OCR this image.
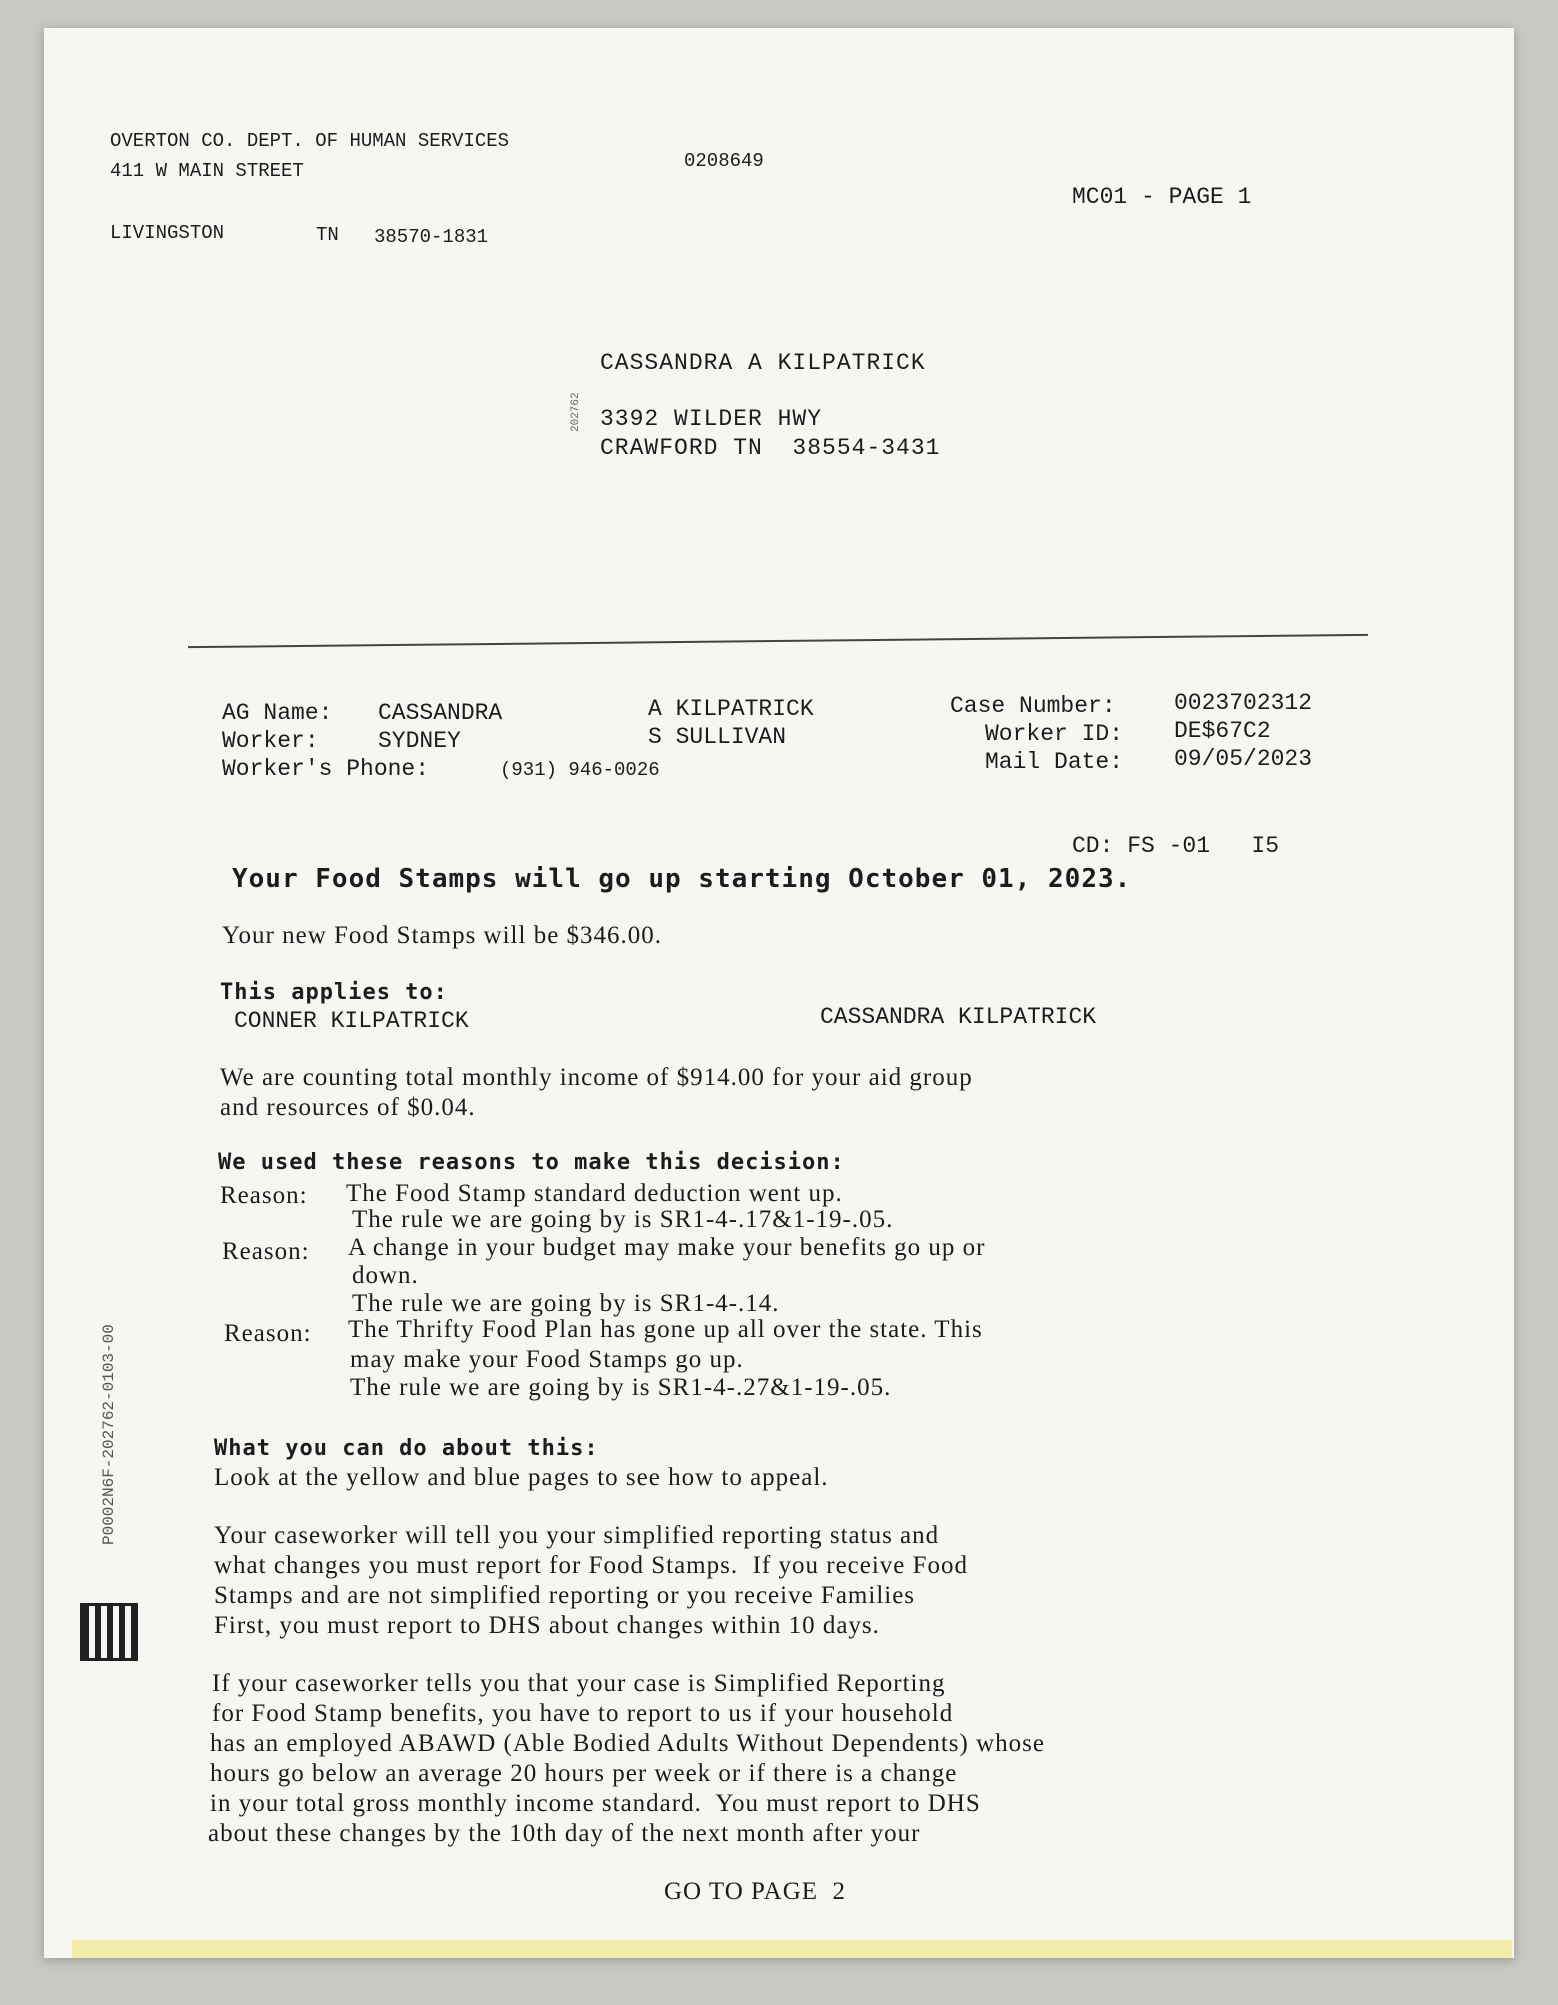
OVERTON CO. DEPT. OF HUMAN SERVICES
411 W MAIN STREET
LIVINGSTON	TN 38570-1831
0208649
MC01 - PAGE 1
CASSANDRA A KILPATRICK
3392 WILDER HWY
CRAWFORD TN  38554-3431
202762
AG Name: CASSANDRA	A KILPATRICK
Worker:	SYDNEY	S SULLIVAN
Worker's Phone:	(931) 946-0026
Case Number:	0023702312
Worker ID: DE$67C2
Mail Date: 09/05/2023
CD: FS -01   I5
Your Food Stamps will go up starting October 01, 2023.
Your new Food Stamps will be $346.00.
This applies to:
CONNER KILPATRICK	CASSANDRA KILPATRICK
We are counting total monthly income of $914.00 for your aid group
and resources of $0.04.
We used these reasons to make this decision:
Reason: The Food Stamp standard deduction went up.
The rule we are going by is SR1-4-.17&1-19-.05.
Reason: A change in your budget may make your benefits go up or
down.
The rule we are going by is SR1-4-.14.
Reason: The Thrifty Food Plan has gone up all over the state. This
may make your Food Stamps go up.
The rule we are going by is SR1-4-.27&1-19-.05.
What you can do about this:
Look at the yellow and blue pages to see how to appeal.
Your caseworker will tell you your simplified reporting status and
what changes you must report for Food Stamps.  If you receive Food
Stamps and are not simplified reporting or you receive Families
First, you must report to DHS about changes within 10 days.
If your caseworker tells you that your case is Simplified Reporting
for Food Stamp benefits, you have to report to us if your household
has an employed ABAWD (Able Bodied Adults Without Dependents) whose
hours go below an average 20 hours per week or if there is a change
in your total gross monthly income standard.  You must report to DHS
about these changes by the 10th day of the next month after your
GO TO PAGE  2
P0002N6F-202762-0103-00
